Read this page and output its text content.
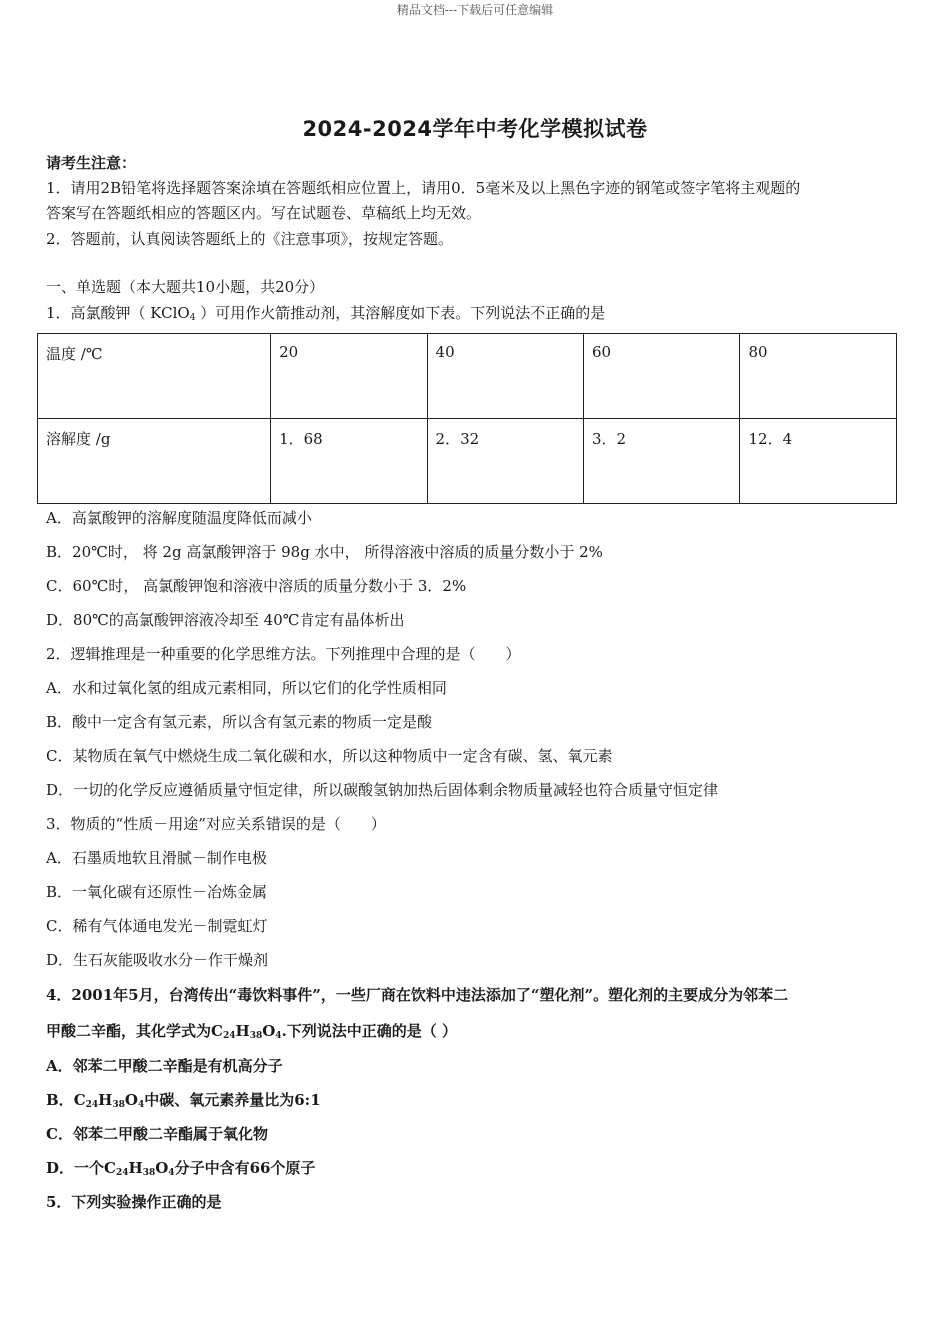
精品文档---下载后可任意编辑
2024-2024学年中考化学模拟试卷
请考生注意：
1．请用2B铅笔将选择题答案涂填在答题纸相应位置上，请用0．5毫米及以上黑色字迹的钢笔或签字笔将主观题的
答案写在答题纸相应的答题区内。写在试题卷、草稿纸上均无效。
2．答题前，认真阅读答题纸上的《注意事项》，按规定答题。
一、单选题（本大题共10小题，共20分）
1．高氯酸钾（ KClO$_4$ ）可用作火箭推动剂，其溶解度如下表。下列说法不正确的是
温度 /℃	20	40	60	80
溶解度 /g	1．68	2．32	3．2	12．4
A．高氯酸钾的溶解度随温度降低而减小
B．20℃时， 将 2g 高氯酸钾溶于 98g 水中， 所得溶液中溶质的质量分数小于 2%
C．60℃时， 高氯酸钾饱和溶液中溶质的质量分数小于 3．2%
D．80℃的高氯酸钾溶液冷却至 40℃肯定有晶体析出
2．逻辑推理是一种重要的化学思维方法。下列推理中合理的是（　　）
A．水和过氧化氢的组成元素相同，所以它们的化学性质相同
B．酸中一定含有氢元素，所以含有氢元素的物质一定是酸
C．某物质在氧气中燃烧生成二氧化碳和水，所以这种物质中一定含有碳、氢、氧元素
D．一切的化学反应遵循质量守恒定律，所以碳酸氢钠加热后固体剩余物质量减轻也符合质量守恒定律
3．物质的“性质－用途”对应关系错误的是（　　）
A．石墨质地软且滑腻－制作电极
B．一氧化碳有还原性－冶炼金属
C．稀有气体通电发光－制霓虹灯
D．生石灰能吸收水分－作干燥剂
4．2001年5月，台湾传出“毒饮料事件”，一些厂商在饮料中违法添加了“塑化剂”。塑化剂的主要成分为邻苯二
甲酸二辛酯，其化学式为$C_{24}H_{38}O_4$.下列说法中正确的是（ ）
A．邻苯二甲酸二辛酯是有机高分子
B．$C_{24}H_{38}O_4$中碳、氧元素养量比为6:1
C．邻苯二甲酸二辛酯属于氧化物
D．一个$C_{24}H_{38}O_4$分子中含有66个原子
5．下列实验操作正确的是
